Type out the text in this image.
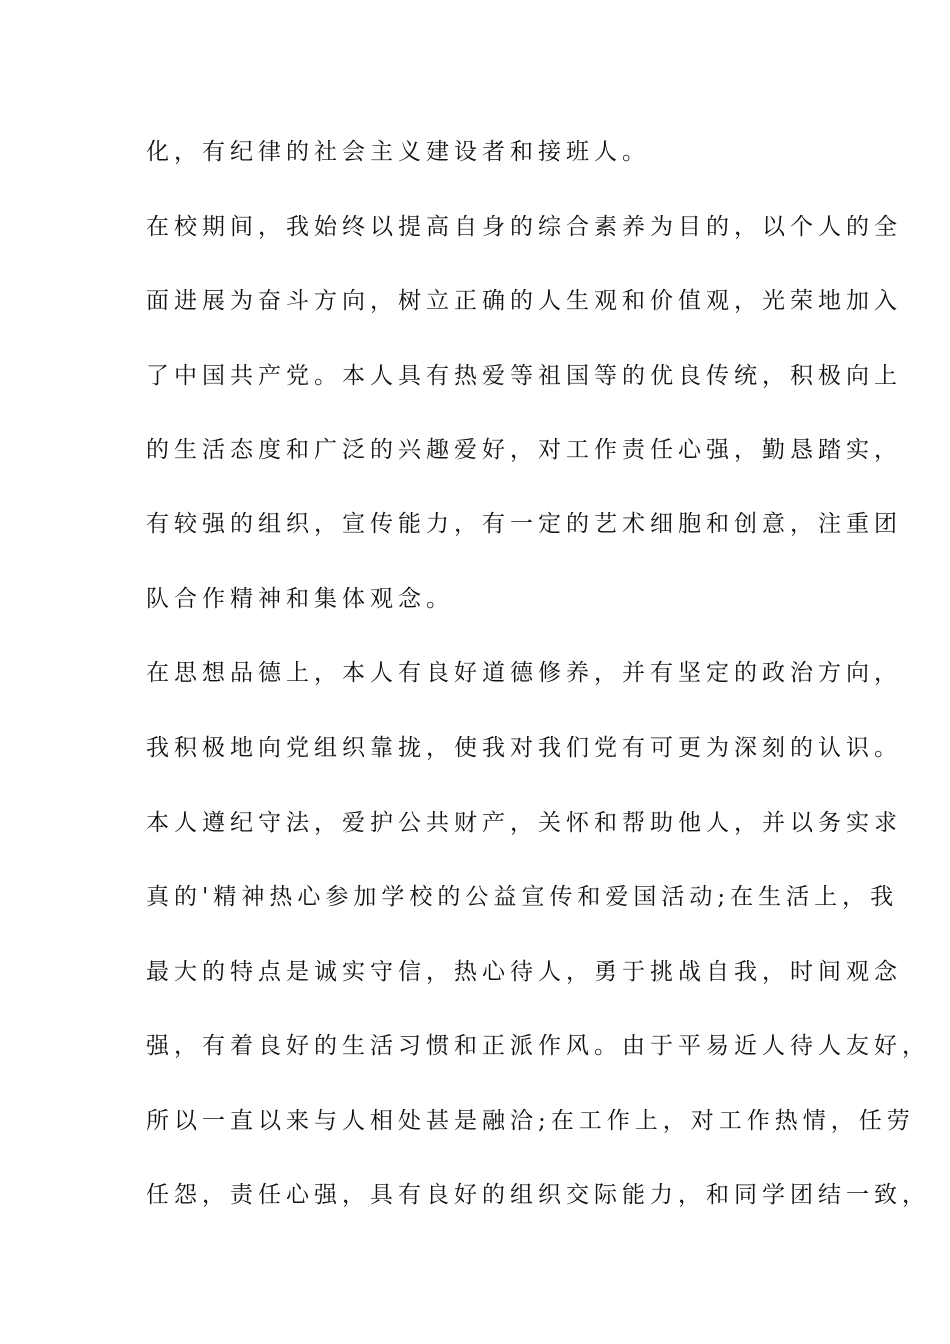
化，有纪律的社会主义建设者和接班人。
在校期间，我始终以提高自身的综合素养为目的，以个人的全
面进展为奋斗方向，树立正确的人生观和价值观，光荣地加入
了中国共产党。本人具有热爱等祖国等的优良传统，积极向上
的生活态度和广泛的兴趣爱好，对工作责任心强，勤恳踏实，
有较强的组织，宣传能力，有一定的艺术细胞和创意，注重团
队合作精神和集体观念。
在思想品德上，本人有良好道德修养，并有坚定的政治方向，
我积极地向党组织靠拢，使我对我们党有可更为深刻的认识。
本人遵纪守法，爱护公共财产，关怀和帮助他人，并以务实求
真的'精神热心参加学校的公益宣传和爱国活动;在生活上，我
最大的特点是诚实守信，热心待人，勇于挑战自我，时间观念
强，有着良好的生活习惯和正派作风。由于平易近人待人友好，
所以一直以来与人相处甚是融洽;在工作上，对工作热情，任劳
任怨，责任心强，具有良好的组织交际能力，和同学团结一致，
